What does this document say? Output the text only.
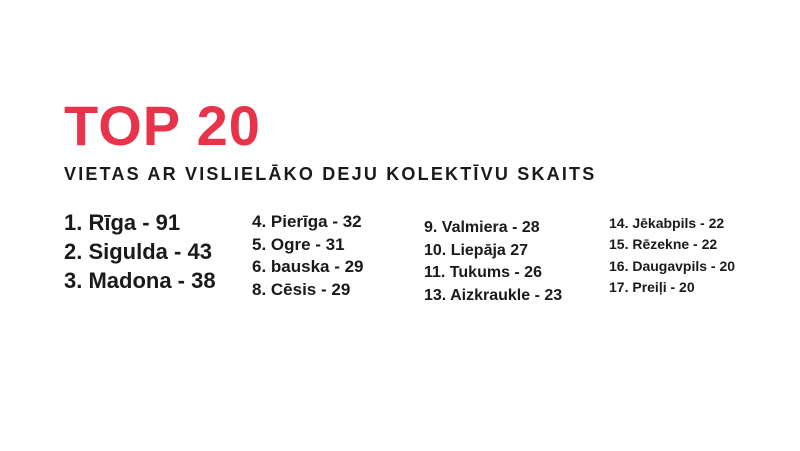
TOP 20
VIETAS AR VISLIELĀKO DEJU KOLEKTĪVU SKAITS
1. Rīga - 91
2. Sigulda - 43
3. Madona - 38
4. Pierīga - 32
5. Ogre - 31
6. bauska - 29
8. Cēsis - 29
9. Valmiera - 28
10. Liepāja 27
11. Tukums - 26
13. Aizkraukle - 23
14. Jēkabpils - 22
15. Rēzekne - 22
16. Daugavpils - 20
17. Preiļi - 20
